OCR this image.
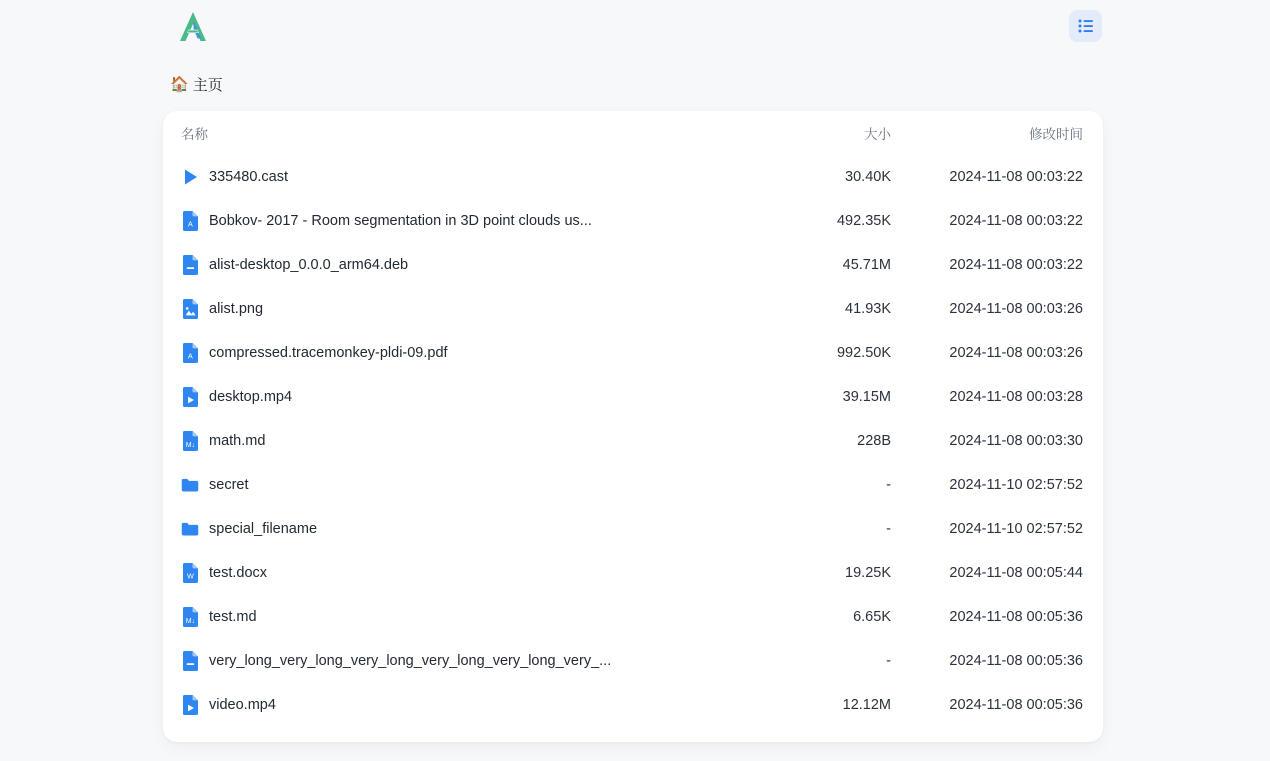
🏠 主页
名称	大小	修改时间
335480.cast	30.40K	2024-11-08 00:03:22
A Bobkov- 2017 - Room segmentation in 3D point clouds us...	492.35K	2024-11-08 00:03:22
alist-desktop_0.0.0_arm64.deb	45.71M	2024-11-08 00:03:22
alist.png	41.93K	2024-11-08 00:03:26
A compressed.tracemonkey-pldi-09.pdf	992.50K	2024-11-08 00:03:26
desktop.mp4	39.15M	2024-11-08 00:03:28
M↓ math.md	228B	2024-11-08 00:03:30
secret	-	2024-11-10 02:57:52
special_filename	-	2024-11-10 02:57:52
W test.docx	19.25K	2024-11-08 00:05:44
M↓ test.md	6.65K	2024-11-08 00:05:36
very_long_very_long_very_long_very_long_very_long_very_...	-	2024-11-08 00:05:36
video.mp4	12.12M	2024-11-08 00:05:36
